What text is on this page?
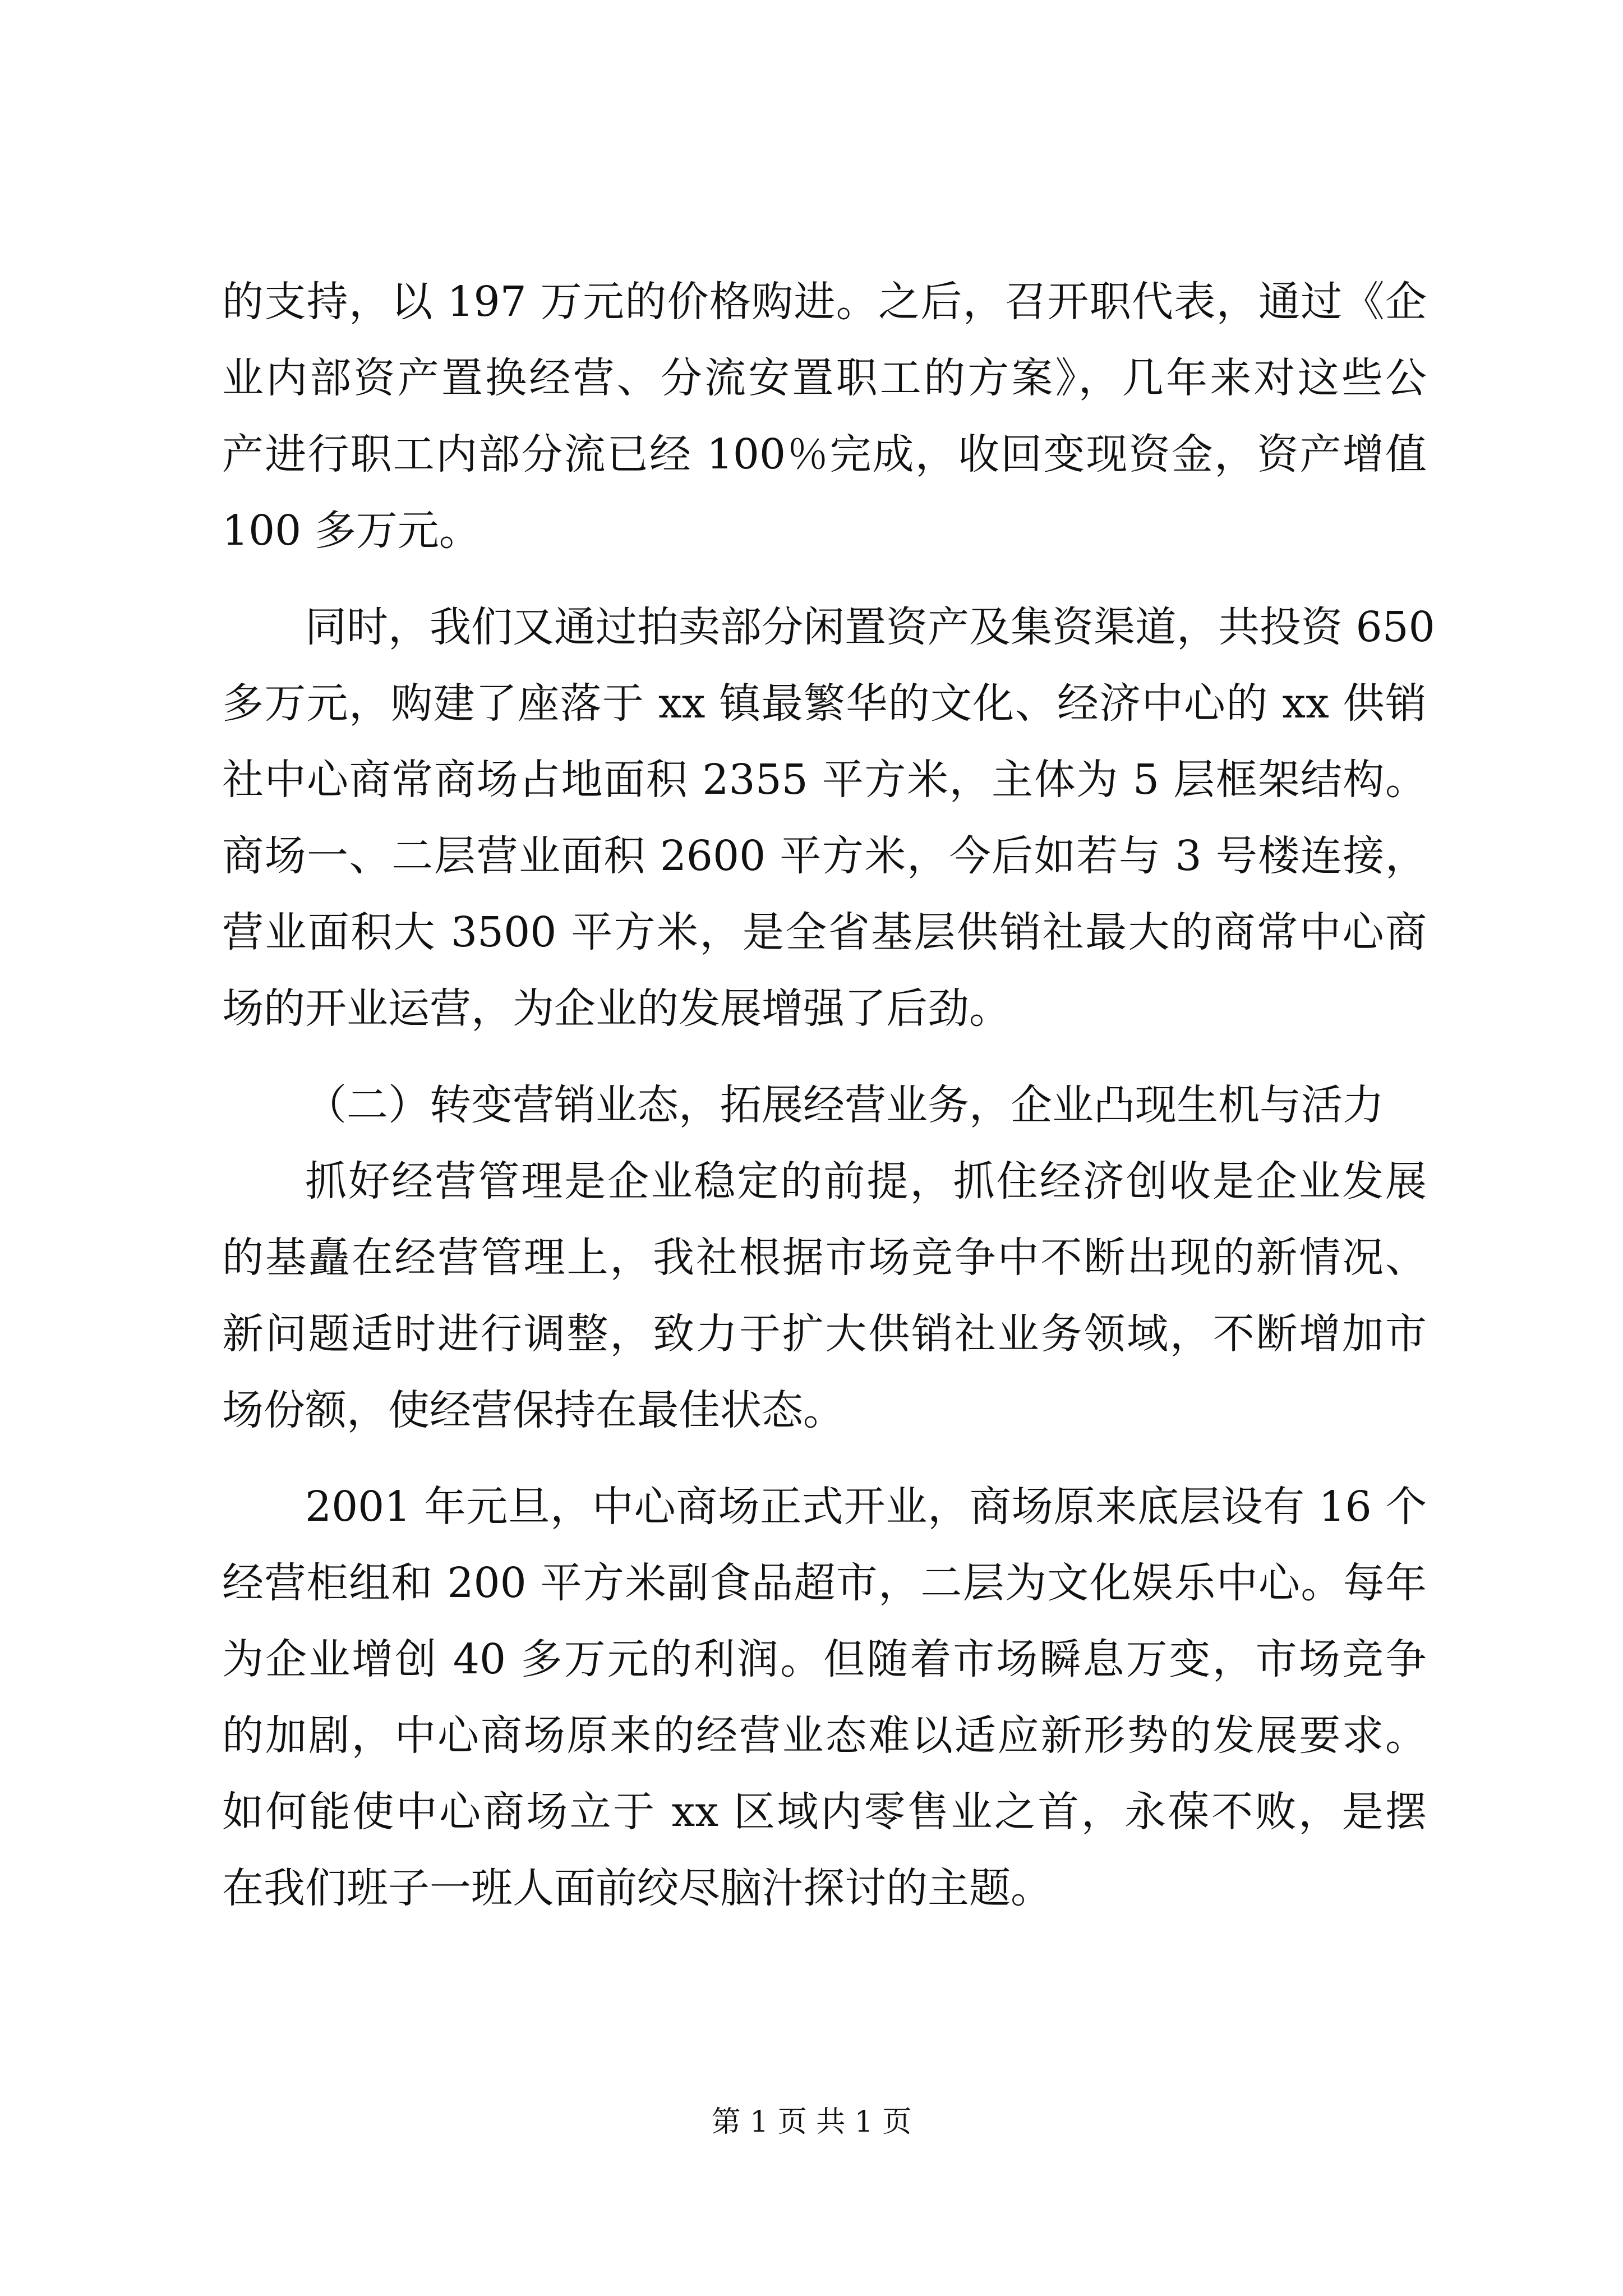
的支持，以 197 万元的价格购进。之后，召开职代表，通过《企
业内部资产置换经营、分流安置职工的方案》，几年来对这些公
产进行职工内部分流已经 100％完成，收回变现资金，资产增值
100 多万元。
同时，我们又通过拍卖部分闲置资产及集资渠道，共投资 650
多万元，购建了座落于 xx 镇最繁华的文化、经济中心的 xx 供销
社中心商常商场占地面积 2355 平方米，主体为 5 层框架结构。
商场一、二层营业面积 2600 平方米，今后如若与 3 号楼连接，
营业面积大 3500 平方米，是全省基层供销社最大的商常中心商
场的开业运营，为企业的发展增强了后劲。
（二）转变营销业态，拓展经营业务，企业凸现生机与活力
抓好经营管理是企业稳定的前提，抓住经济创收是企业发展
的基矗在经营管理上，我社根据市场竞争中不断出现的新情况、
新问题适时进行调整，致力于扩大供销社业务领域，不断增加市
场份额，使经营保持在最佳状态。
2001 年元旦，中心商场正式开业，商场原来底层设有 16 个
经营柜组和 200 平方米副食品超市，二层为文化娱乐中心。每年
为企业增创 40 多万元的利润。但随着市场瞬息万变，市场竞争
的加剧，中心商场原来的经营业态难以适应新形势的发展要求。
如何能使中心商场立于 xx 区域内零售业之首，永葆不败，是摆
在我们班子一班人面前绞尽脑汁探讨的主题。
第 1 页 共 1 页
